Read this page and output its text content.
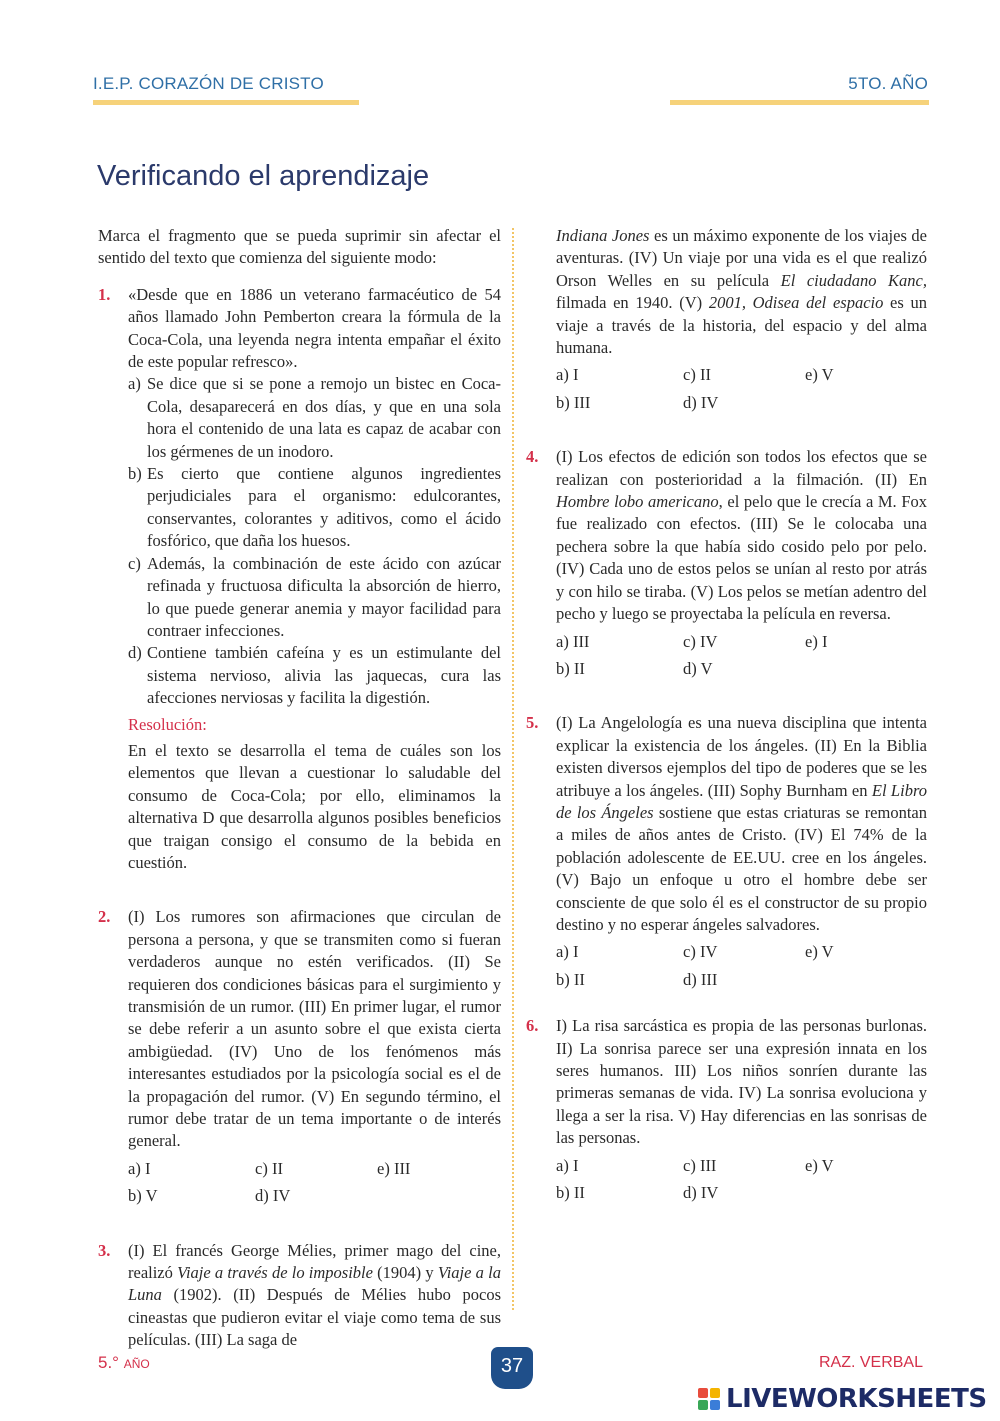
I.E.P. CORAZÓN DE CRISTO	5TO. AÑO
Verificando el aprendizaje
Marca el fragmento que se pueda suprimir sin afectar el sentido del texto que comienza del siguiente modo:
1. «Desde que en 1886 un veterano farmacéutico de 54 años llamado John Pemberton creara la fórmula de la Coca-Cola, una leyenda negra intenta empañar el éxito de este popular refresco».
a) Se dice que si se pone a remojo un bistec en Coca-Cola, desaparecerá en dos días, y que en una sola hora el contenido de una lata es capaz de acabar con los gérmenes de un inodoro.
b) Es cierto que contiene algunos ingredientes perjudiciales para el organismo: edulcorantes, conservantes, colorantes y aditivos, como el ácido fosfórico, que daña los huesos.
c) Además, la combinación de este ácido con azúcar refinada y fructuosa dificulta la absorción de hierro, lo que puede generar anemia y mayor facilidad para contraer infecciones.
d) Contiene también cafeína y es un estimulante del sistema nervioso, alivia las jaquecas, cura las afecciones nerviosas y facilita la digestión.
Resolución:
En el texto se desarrolla el tema de cuáles son los elementos que llevan a cuestionar lo saludable del consumo de Coca-Cola; por ello, eliminamos la alternativa D que desarrolla algunos posibles beneficios que traigan consigo el consumo de la bebida en cuestión.
2. (I) Los rumores son afirmaciones que circulan de persona a persona, y que se transmiten como si fueran verdaderos aunque no estén verificados. (II) Se requieren dos condiciones básicas para el surgimiento y transmisión de un rumor. (III) En primer lugar, el rumor se debe referir a un asunto sobre el que exista cierta ambigüedad. (IV) Uno de los fenómenos más interesantes estudiados por la psicología social es el de la propagación del rumor. (V) En segundo término, el rumor debe tratar de un tema importante o de interés general.
a) I	c) II	e) III
b) V	d) IV
3. (I) El francés George Mélies, primer mago del cine, realizó Viaje a través de lo imposible (1904) y Viaje a la Luna (1902). (II) Después de Mélies hubo pocos cineastas que pudieron evitar el viaje como tema de sus películas. (III) La saga de
Indiana Jones es un máximo exponente de los viajes de aventuras. (IV) Un viaje por una vida es el que realizó Orson Welles en su película El ciudadano Kanc, filmada en 1940. (V) 2001, Odisea del espacio es un viaje a través de la historia, del espacio y del alma humana.
a) I	c) II	e) V
b) III	d) IV
4. (I) Los efectos de edición son todos los efectos que se realizan con posterioridad a la filmación. (II) En Hombre lobo americano, el pelo que le crecía a M. Fox fue realizado con efectos. (III) Se le colocaba una pechera sobre la que había sido cosido pelo por pelo. (IV) Cada uno de estos pelos se unían al resto por atrás y con hilo se tiraba. (V) Los pelos se metían adentro del pecho y luego se proyectaba la película en reversa.
a) III	c) IV	e) I
b) II	d) V
5. (I) La Angelología es una nueva disciplina que intenta explicar la existencia de los ángeles. (II) En la Biblia existen diversos ejemplos del tipo de poderes que se les atribuye a los ángeles. (III) Sophy Burnham en El Libro de los Ángeles sostiene que estas criaturas se remontan a miles de años antes de Cristo. (IV) El 74% de la población adolescente de EE.UU. cree en los ángeles. (V) Bajo un enfoque u otro el hombre debe ser consciente de que solo él es el constructor de su propio destino y no esperar ángeles salvadores.
a) I	c) IV	e) V
b) II	d) III
6. I) La risa sarcástica es propia de las personas burlonas. II) La sonrisa parece ser una expresión innata en los seres humanos. III) Los niños sonríen durante las primeras semanas de vida. IV) La sonrisa evoluciona y llega a ser la risa. V) Hay diferencias en las sonrisas de las personas.
a) I	c) III	e) V
b) II	d) IV
5.° AÑO	37	RAZ. VERBAL
LIVEWORKSHEETS
